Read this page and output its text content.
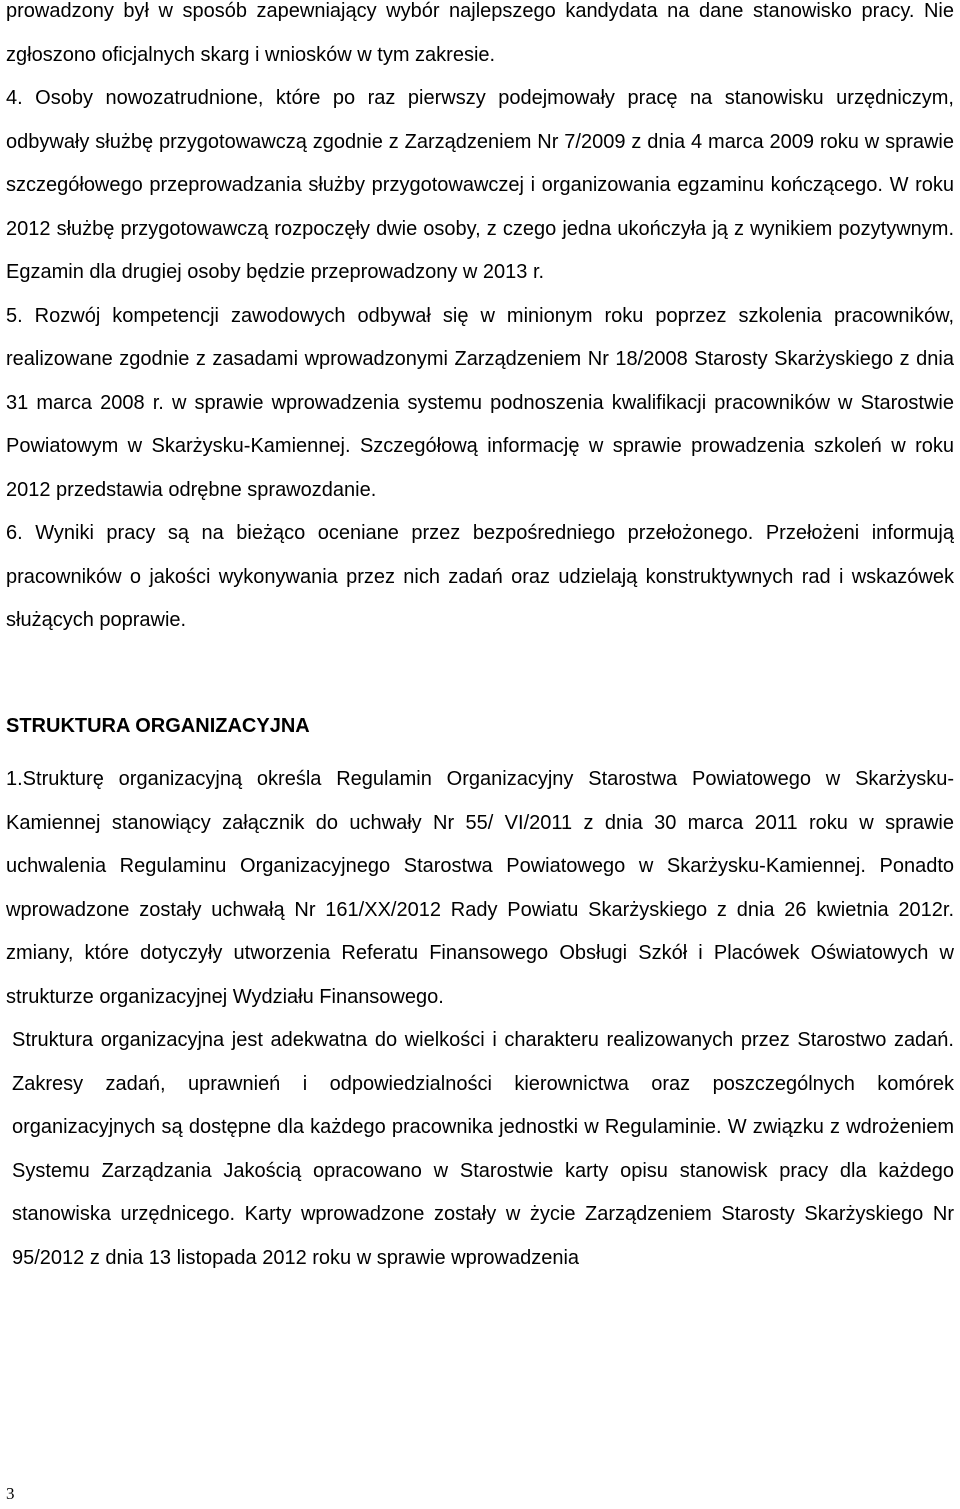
prowadzony był w sposób zapewniający wybór najlepszego kandydata na dane stanowisko pracy. Nie zgłoszono oficjalnych skarg i wniosków w tym zakresie.

4. Osoby nowozatrudnione, które po raz pierwszy podejmowały pracę na stanowisku urzędniczym, odbywały służbę przygotowawczą zgodnie z Zarządzeniem Nr 7/2009 z dnia 4 marca 2009 roku w sprawie szczegółowego przeprowadzania służby przygotowawczej i organizowania egzaminu kończącego. W roku 2012 służbę przygotowawczą rozpoczęły dwie osoby, z czego jedna ukończyła ją z wynikiem pozytywnym. Egzamin dla drugiej osoby będzie przeprowadzony w 2013 r.

5. Rozwój kompetencji zawodowych odbywał się w minionym roku poprzez szkolenia pracowników, realizowane zgodnie z zasadami wprowadzonymi Zarządzeniem Nr 18/2008 Starosty Skarżyskiego z dnia 31 marca 2008 r. w sprawie wprowadzenia systemu podnoszenia kwalifikacji pracowników w Starostwie Powiatowym w Skarżysku-Kamiennej. Szczegółową informację w sprawie prowadzenia szkoleń w roku 2012 przedstawia odrębne sprawozdanie.

6. Wyniki pracy są na bieżąco oceniane przez bezpośredniego przełożonego. Przełożeni informują pracowników o jakości wykonywania przez nich zadań oraz udzielają konstruktywnych rad i wskazówek służących poprawie.

STRUKTURA ORGANIZACYJNA

1.Strukturę organizacyjną określa Regulamin Organizacyjny Starostwa Powiatowego w Skarżysku-Kamiennej stanowiący załącznik do uchwały Nr 55/ VI/2011 z dnia 30 marca 2011 roku w sprawie uchwalenia Regulaminu Organizacyjnego Starostwa Powiatowego w Skarżysku-Kamiennej. Ponadto wprowadzone zostały uchwałą Nr 161/XX/2012 Rady Powiatu Skarżyskiego z dnia 26 kwietnia 2012r. zmiany, które dotyczyły utworzenia Referatu Finansowego Obsługi Szkół i Placówek Oświatowych w strukturze organizacyjnej Wydziału Finansowego.

Struktura organizacyjna jest adekwatna do wielkości i charakteru realizowanych przez Starostwo zadań. Zakresy zadań, uprawnień i odpowiedzialności kierownictwa oraz poszczególnych komórek organizacyjnych są dostępne dla każdego pracownika jednostki w Regulaminie. W związku z wdrożeniem Systemu Zarządzania Jakością opracowano w Starostwie karty opisu stanowisk pracy dla każdego stanowiska urzędnicego. Karty wprowadzone zostały w życie Zarządzeniem Starosty Skarżyskiego Nr 95/2012 z dnia 13 listopada 2012 roku w sprawie wprowadzenia

3
